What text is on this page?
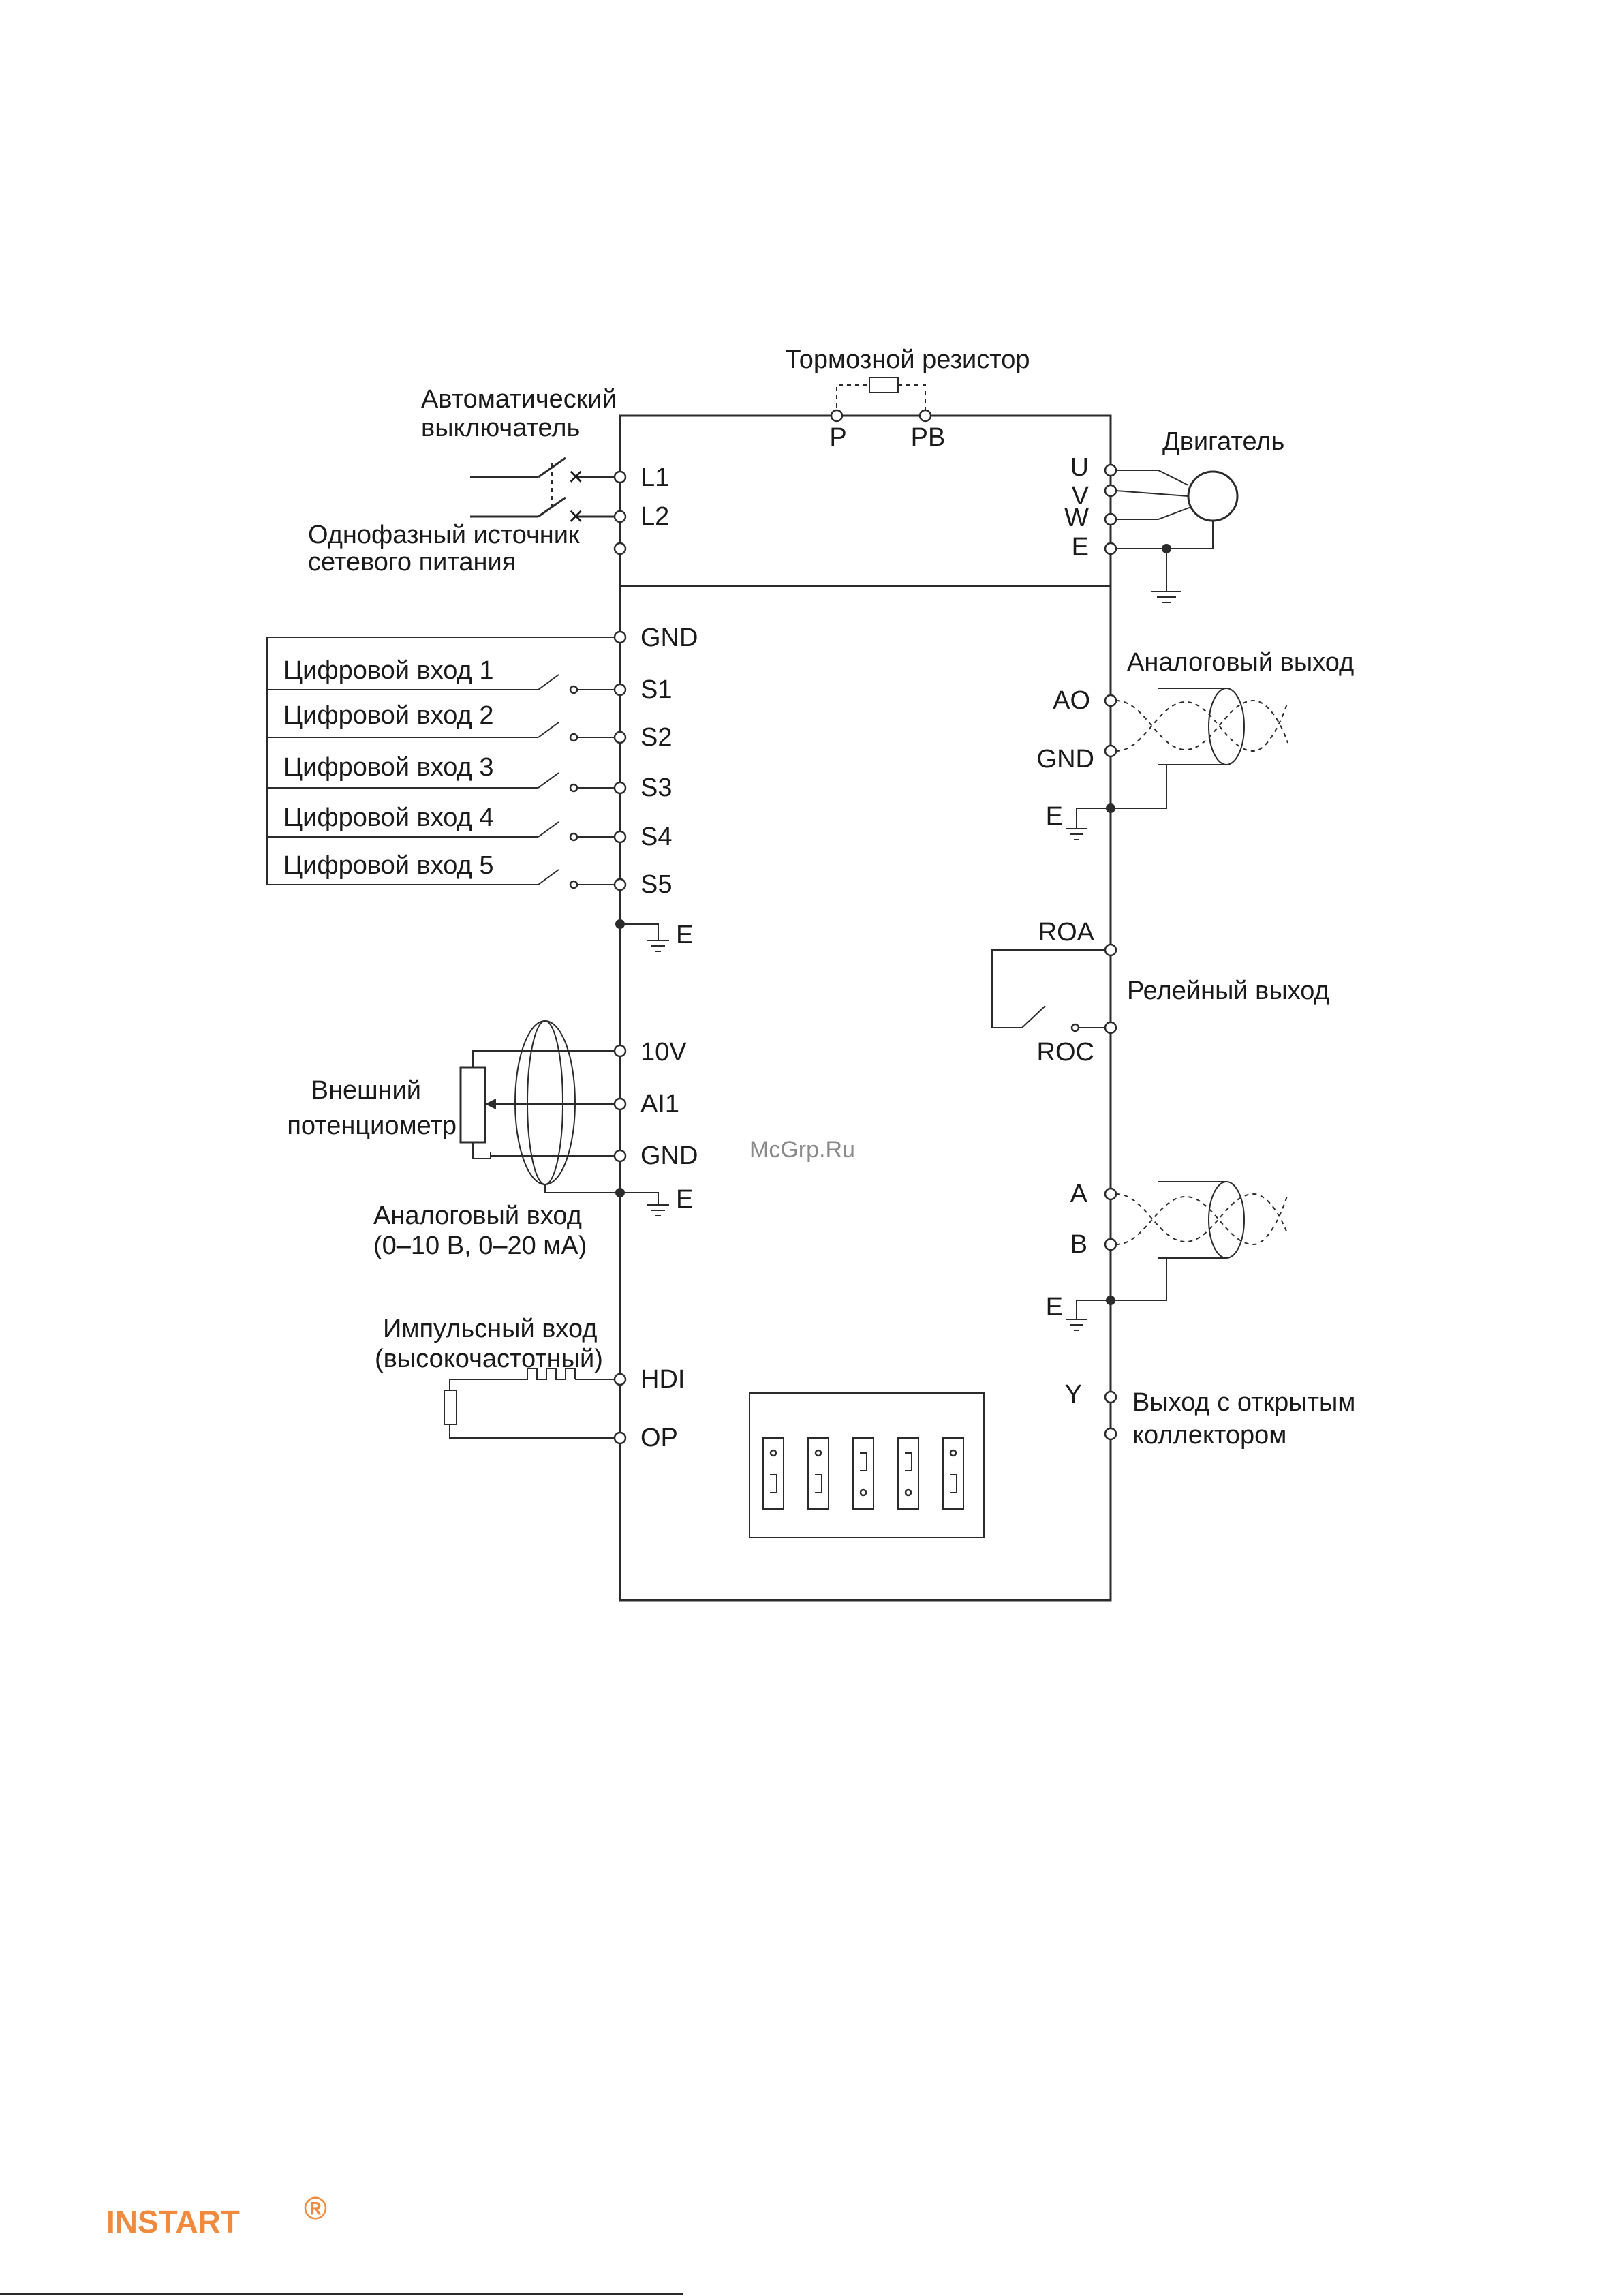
Тормозной резистор
P PB
Автоматический
выключатель
×
×
L1
L2
Однофазный источник
сетевого питания
Двигатель
U
V
W
E
GND
Цифровой вход 1
Цифровой вход 2
Цифровой вход 3
Цифровой вход 4
Цифровой вход 5
S1
S2
S3
S4
S5
E
Внешний
потенциометр
10V
AI1
GND
E
Аналоговый вход
(0–10 В, 0–20 мА)
Импульсный вход
(высокочастотный)
HDI
OP
Аналоговый выход
AO
GND
E
ROA
ROC
Релейный выход
A
B
E
Y Выход с открытым
коллектором
McGrp.Ru
INSTART ®
